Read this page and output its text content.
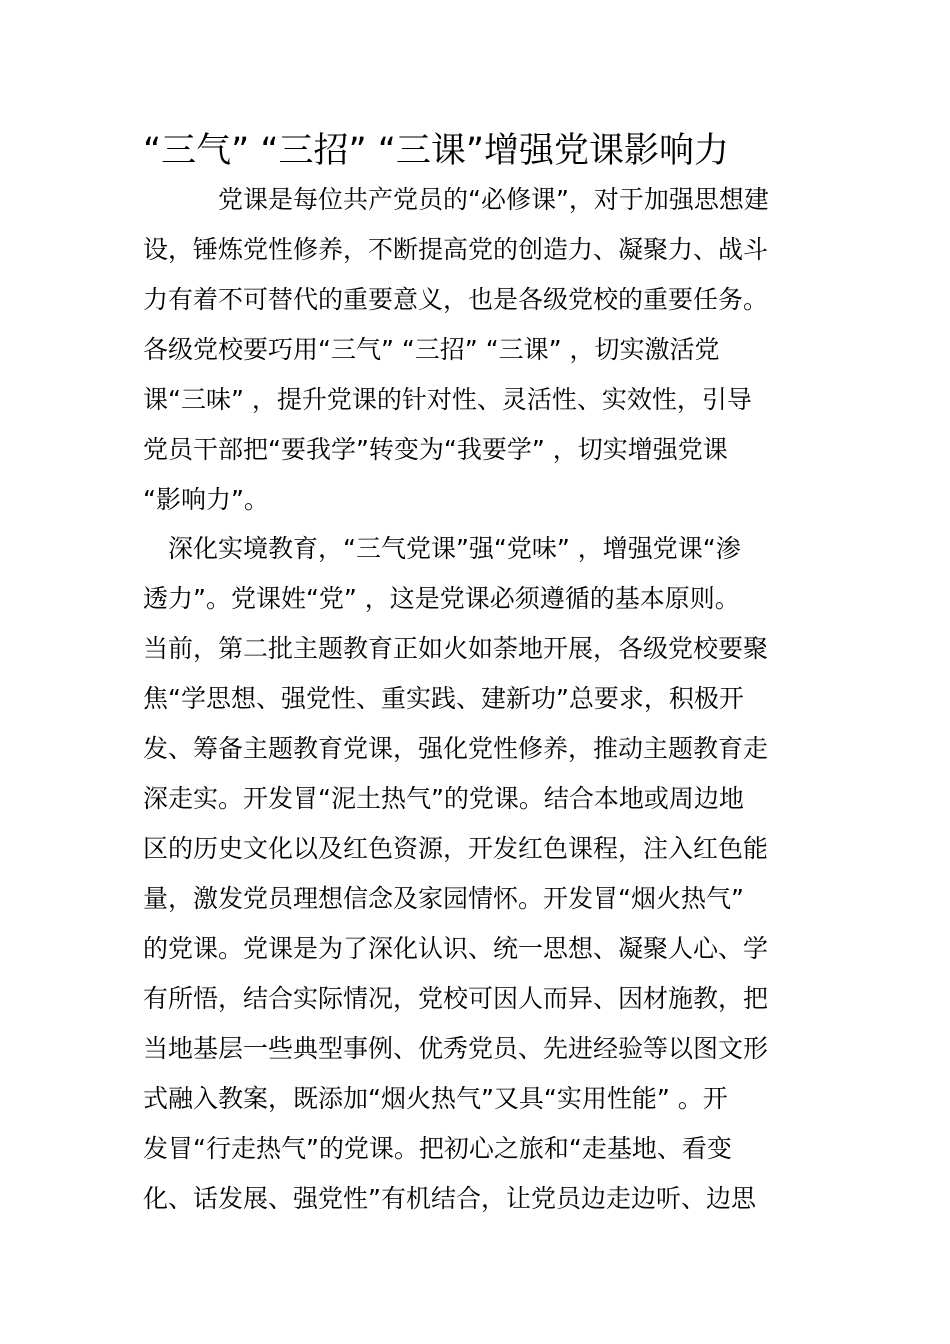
“三气” “三招” “三课”增强党课影响力
党课是每位共产党员的“必修课”，对于加强思想建
设，锤炼党性修养，不断提高党的创造力、凝聚力、战斗
力有着不可替代的重要意义，也是各级党校的重要任务。
各级党校要巧用“三气” “三招” “三课” ，切实激活党
课“三味” ，提升党课的针对性、灵活性、实效性，引导
党员干部把“要我学”转变为“我要学” ，切实增强党课
“影响力”。
深化实境教育，“三气党课”强“党味” ，增强党课“渗
透力”。党课姓“党” ，这是党课必须遵循的基本原则。
当前，第二批主题教育正如火如荼地开展，各级党校要聚
焦“学思想、强党性、重实践、建新功”总要求，积极开
发、筹备主题教育党课，强化党性修养，推动主题教育走
深走实。开发冒“泥土热气”的党课。结合本地或周边地
区的历史文化以及红色资源，开发红色课程，注入红色能
量，激发党员理想信念及家园情怀。开发冒“烟火热气”
的党课。党课是为了深化认识、统一思想、凝聚人心、学
有所悟，结合实际情况，党校可因人而异、因材施教，把
当地基层一些典型事例、优秀党员、先进经验等以图文形
式融入教案，既添加“烟火热气”又具“实用性能” 。开
发冒“行走热气”的党课。把初心之旅和“走基地、看变
化、话发展、强党性”有机结合，让党员边走边听、边思
